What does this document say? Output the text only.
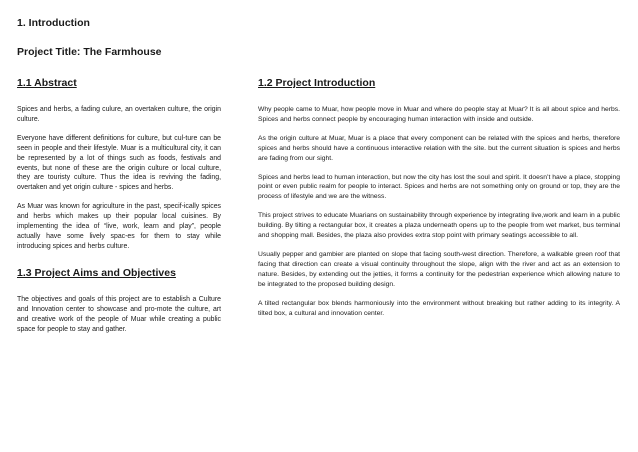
1. Introduction
Project Title: The Farmhouse
1.1 Abstract

Spices and herbs, a fading culure, an overtaken culture, the origin culture.

Everyone have different definitions for culture, but cul-ture can be seen in people and their lifestyle. Muar is a multicultural city, it can be represented by a lot of things such as foods, festivals and events, but none of these are the origin culture or local culture, they are touristy culture. Thus the idea is reviving the fading, overtaken and yet origin culture - spices and herbs.

As Muar was known for agriculture in the past, specif-ically spices and herbs which makes up their popular local cuisines. By implementing the idea of “live, work, learn and play”, people actually have some lively spac-es for them to stay while introducing spices and herbs culture.

1.3 Project Aims and Objectives

The objectives and goals of this project are to establish a Culture and Innovation center to showcase and pro-mote the culture, art and creative work of the people of Muar while creating a public space for people to stay and gather.

1.2 Project Introduction

Why people came to Muar, how people move in Muar and where do people stay at Muar? It is all about spice and herbs. Spices and herbs connect people by encouraging human interaction with inside and outside.

As the origin culture at Muar, Muar is a place that every component can be related with the spices and herbs, therefore spices and herbs should have a continuous interactive relation with the site. but the current situation is spices and herbs are fading from our sight.

Spices and herbs lead to human interaction, but now the city has lost the soul and spirit. It doesn’t have a place, stopping point or even public realm for people to interact. Spices and herbs are not something only on ground or top, they are the process of lifestyle and we are the witness.

This project strives to educate Muarians on sustainability through experience by integrating live,work and learn in a public building. By tilting a rectangular box, it creates a plaza underneath opens up to the people from wet market, bus terminal and shopping mall. Besides, the plaza also provides extra stop point with primary seatings accessible to all.

Usually pepper and gambier are planted on slope that facing south-west direction. Therefore, a walkable green roof that facing that direction can create a visual continuity throughout the slope, align with the river and act as an extension to nature. Besides, by extending out the jetties, it forms a continuity for the pedestrian experience which allowing nature to be integrated to the proposed building design.

A tilted rectangular box blends harmoniously into the environment without breaking but rather adding to its integrity. A tilted box, a cultural and innovation center.
